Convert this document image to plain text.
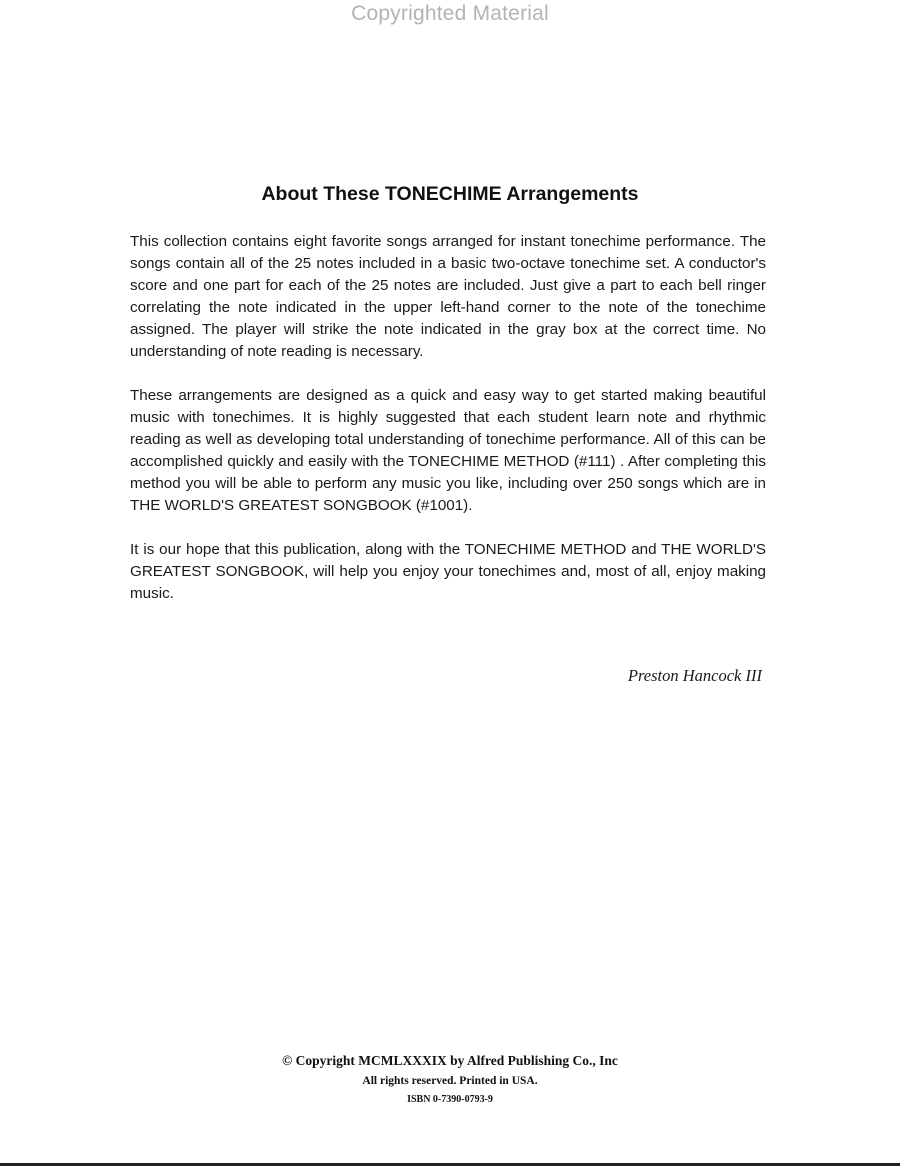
Copyrighted Material
About These TONECHIME Arrangements

This collection contains eight favorite songs arranged for instant tonechime performance. The songs contain all of the 25 notes included in a basic two-octave tonechime set. A conductor's score and one part for each of the 25 notes are included. Just give a part to each bell ringer correlating the note indicated in the upper left-hand corner to the note of the tonechime assigned. The player will strike the note indicated in the gray box at the correct time. No understanding of note reading is necessary.

These arrangements are designed as a quick and easy way to get started making beautiful music with tonechimes. It is highly suggested that each student learn note and rhythmic reading as well as developing total understanding of tonechime performance. All of this can be accomplished quickly and easily with the TONECHIME METHOD (#111) . After completing this method you will be able to perform any music you like, including over 250 songs which are in THE WORLD'S GREATEST SONGBOOK (#1001).

It is our hope that this publication, along with the TONECHIME METHOD and THE WORLD'S GREATEST SONGBOOK, will help you enjoy your tonechimes and, most of all, enjoy making music.

Preston Hancock III
© Copyright MCMLXXXIX by Alfred Publishing Co., Inc
All rights reserved. Printed in USA.
ISBN 0-7390-0793-9
